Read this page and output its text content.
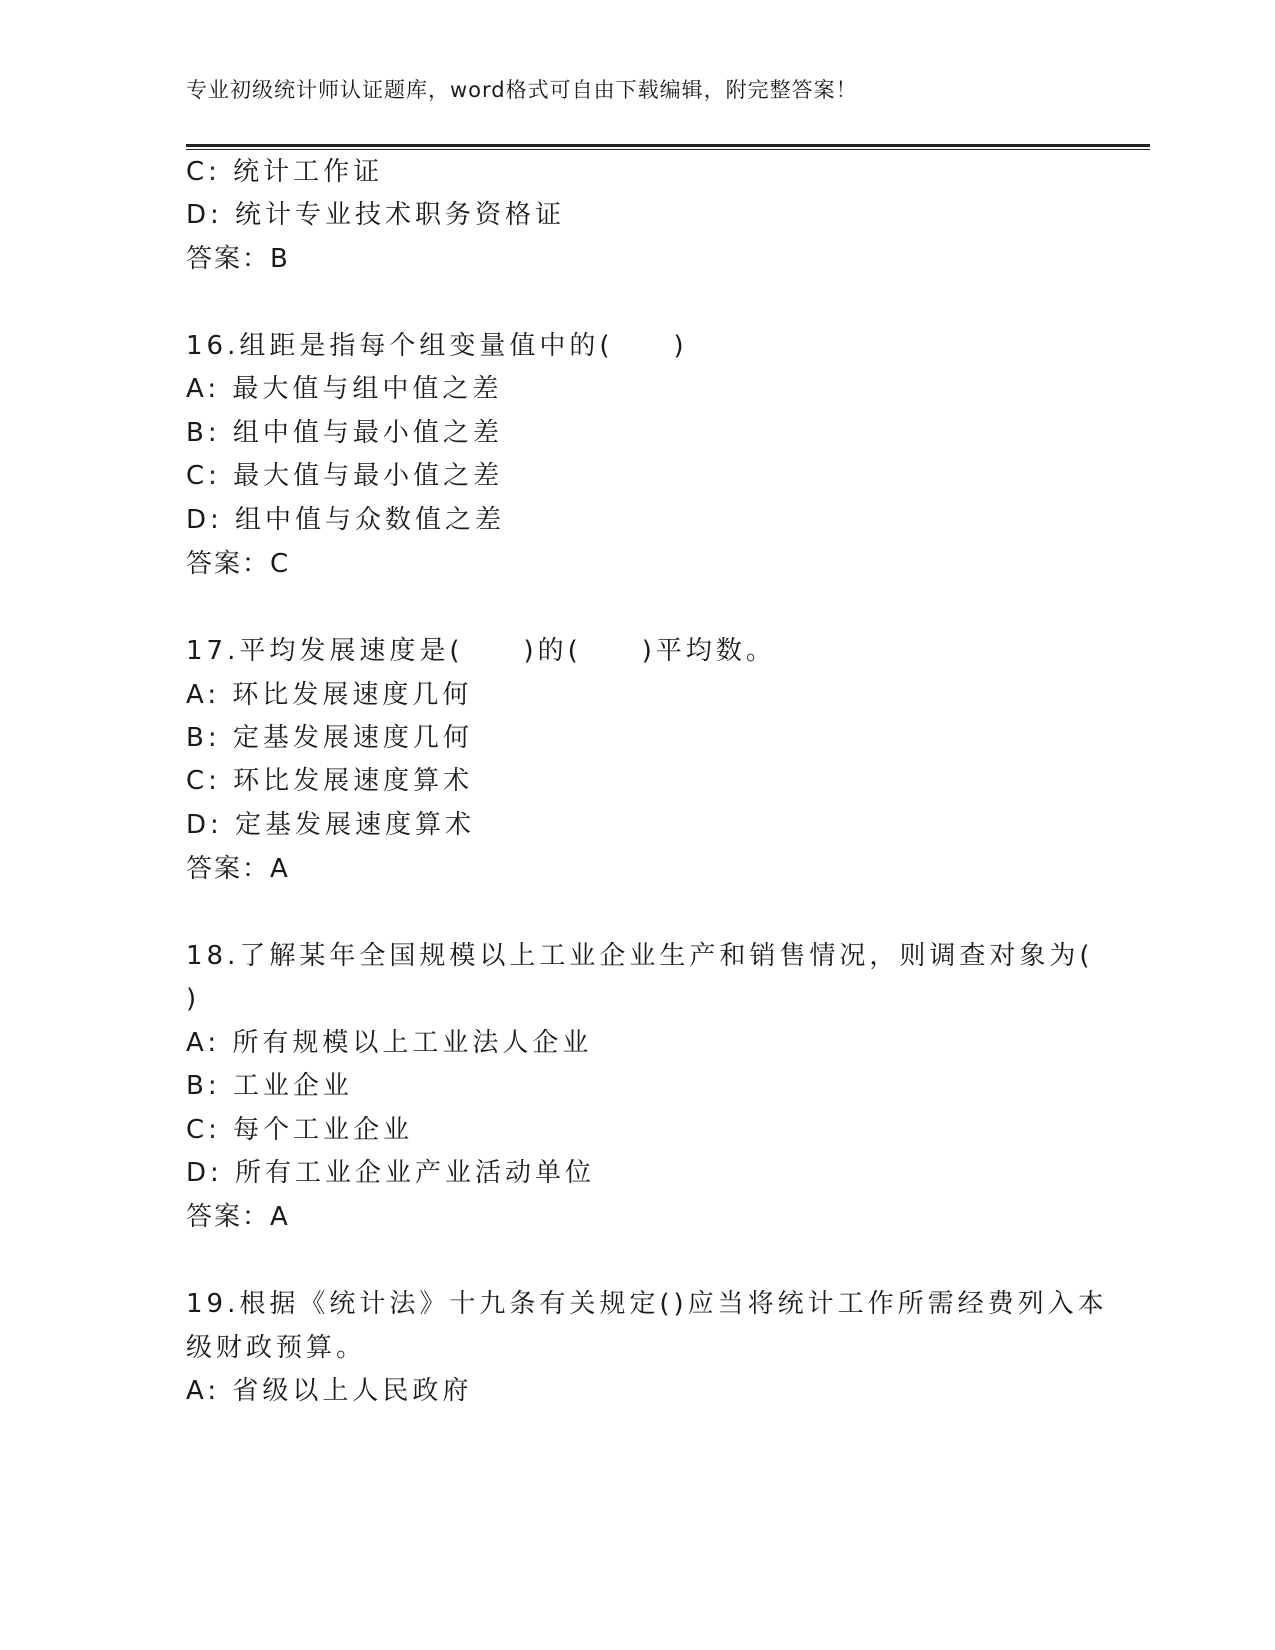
专业初级统计师认证题库，word格式可自由下载编辑，附完整答案！
C: 统计工作证
D: 统计专业技术职务资格证
答案：B
16.组距是指每个组变量值中的(　　)
A: 最大值与组中值之差
B: 组中值与最小值之差
C: 最大值与最小值之差
D: 组中值与众数值之差
答案：C
17.平均发展速度是(　　)的(　　)平均数。
A: 环比发展速度几何
B: 定基发展速度几何
C: 环比发展速度算术
D: 定基发展速度算术
答案：A
18.了解某年全国规模以上工业企业生产和销售情况，则调查对象为(
)
A: 所有规模以上工业法人企业
B: 工业企业
C: 每个工业企业
D: 所有工业企业产业活动单位
答案：A
19.根据《统计法》十九条有关规定()应当将统计工作所需经费列入本
级财政预算。
A: 省级以上人民政府
